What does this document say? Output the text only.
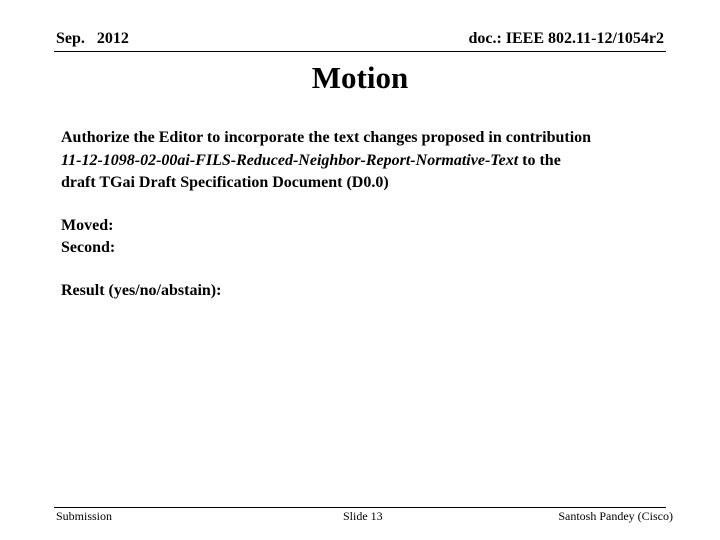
Sep.   2012	doc.: IEEE 802.11-12/1054r2
Motion

Authorize the Editor to incorporate the text changes proposed in contribution
11-12-1098-02-00ai-FILS-Reduced-Neighbor-Report-Normative-Text to the
draft TGai Draft Specification Document (D0.0)

Moved:
Second:

Result (yes/no/abstain):

Submission	Slide 13	Santosh Pandey (Cisco)
